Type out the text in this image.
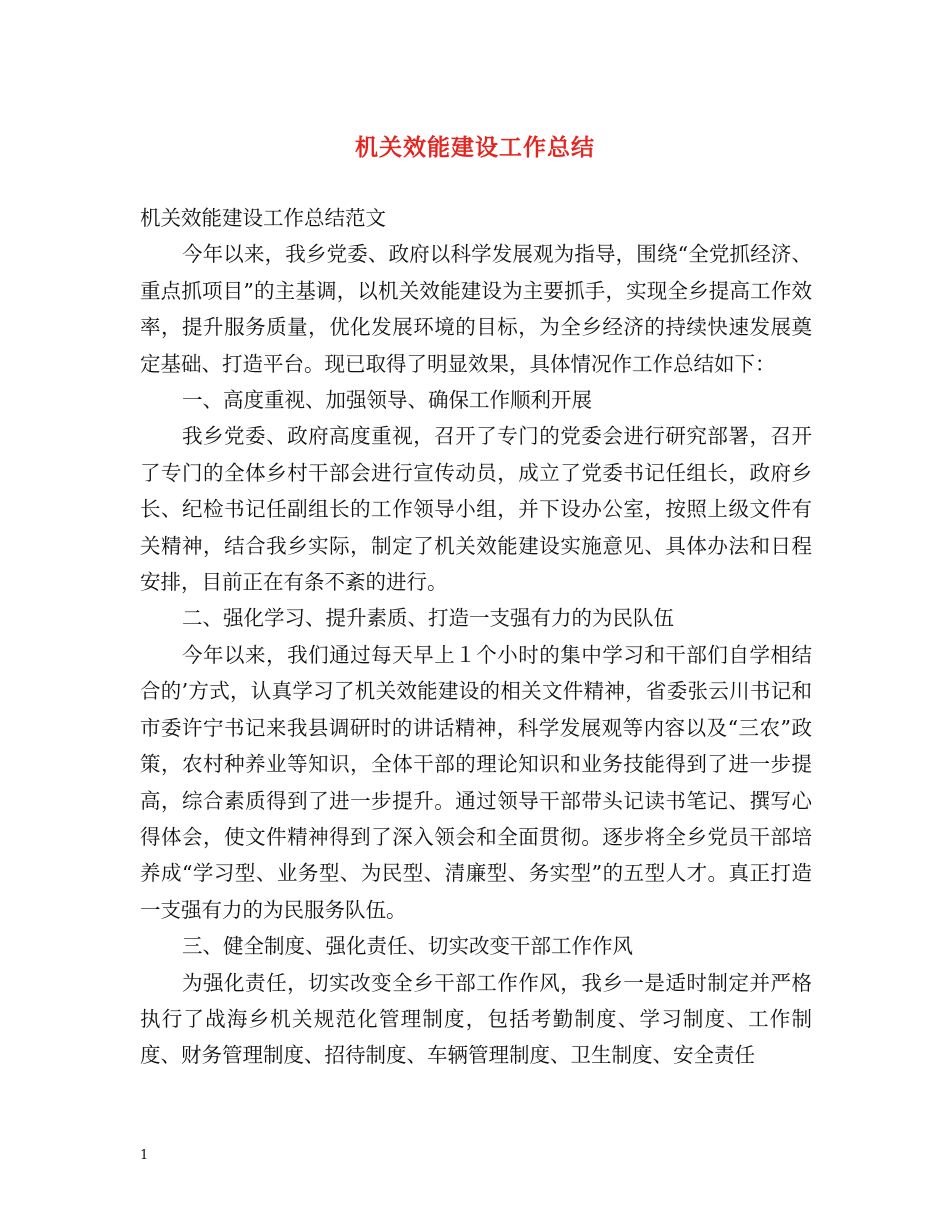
机关效能建设工作总结

机关效能建设工作总结范文

今年以来，我乡党委、政府以科学发展观为指导，围绕“全党抓经济、重点抓项目”的主基调，以机关效能建设为主要抓手，实现全乡提高工作效率，提升服务质量，优化发展环境的目标，为全乡经济的持续快速发展奠定基础、打造平台。现已取得了明显效果，具体情况作工作总结如下：

一、高度重视、加强领导、确保工作顺利开展

我乡党委、政府高度重视，召开了专门的党委会进行研究部署，召开了专门的全体乡村干部会进行宣传动员，成立了党委书记任组长，政府乡长、纪检书记任副组长的工作领导小组，并下设办公室，按照上级文件有关精神，结合我乡实际，制定了机关效能建设实施意见、具体办法和日程安排，目前正在有条不紊的进行。

二、强化学习、提升素质、打造一支强有力的为民队伍

今年以来，我们通过每天早上１个小时的集中学习和干部们自学相结合的’方式，认真学习了机关效能建设的相关文件精神，省委张云川书记和市委许宁书记来我县调研时的讲话精神，科学发展观等内容以及“三农”政策，农村种养业等知识，全体干部的理论知识和业务技能得到了进一步提高，综合素质得到了进一步提升。通过领导干部带头记读书笔记、撰写心得体会，使文件精神得到了深入领会和全面贯彻。逐步将全乡党员干部培养成“学习型、业务型、为民型、清廉型、务实型”的五型人才。真正打造一支强有力的为民服务队伍。

三、健全制度、强化责任、切实改变干部工作作风

为强化责任，切实改变全乡干部工作作风，我乡一是适时制定并严格执行了战海乡机关规范化管理制度，包括考勤制度、学习制度、工作制度、财务管理制度、招待制度、车辆管理制度、卫生制度、安全责任

1
